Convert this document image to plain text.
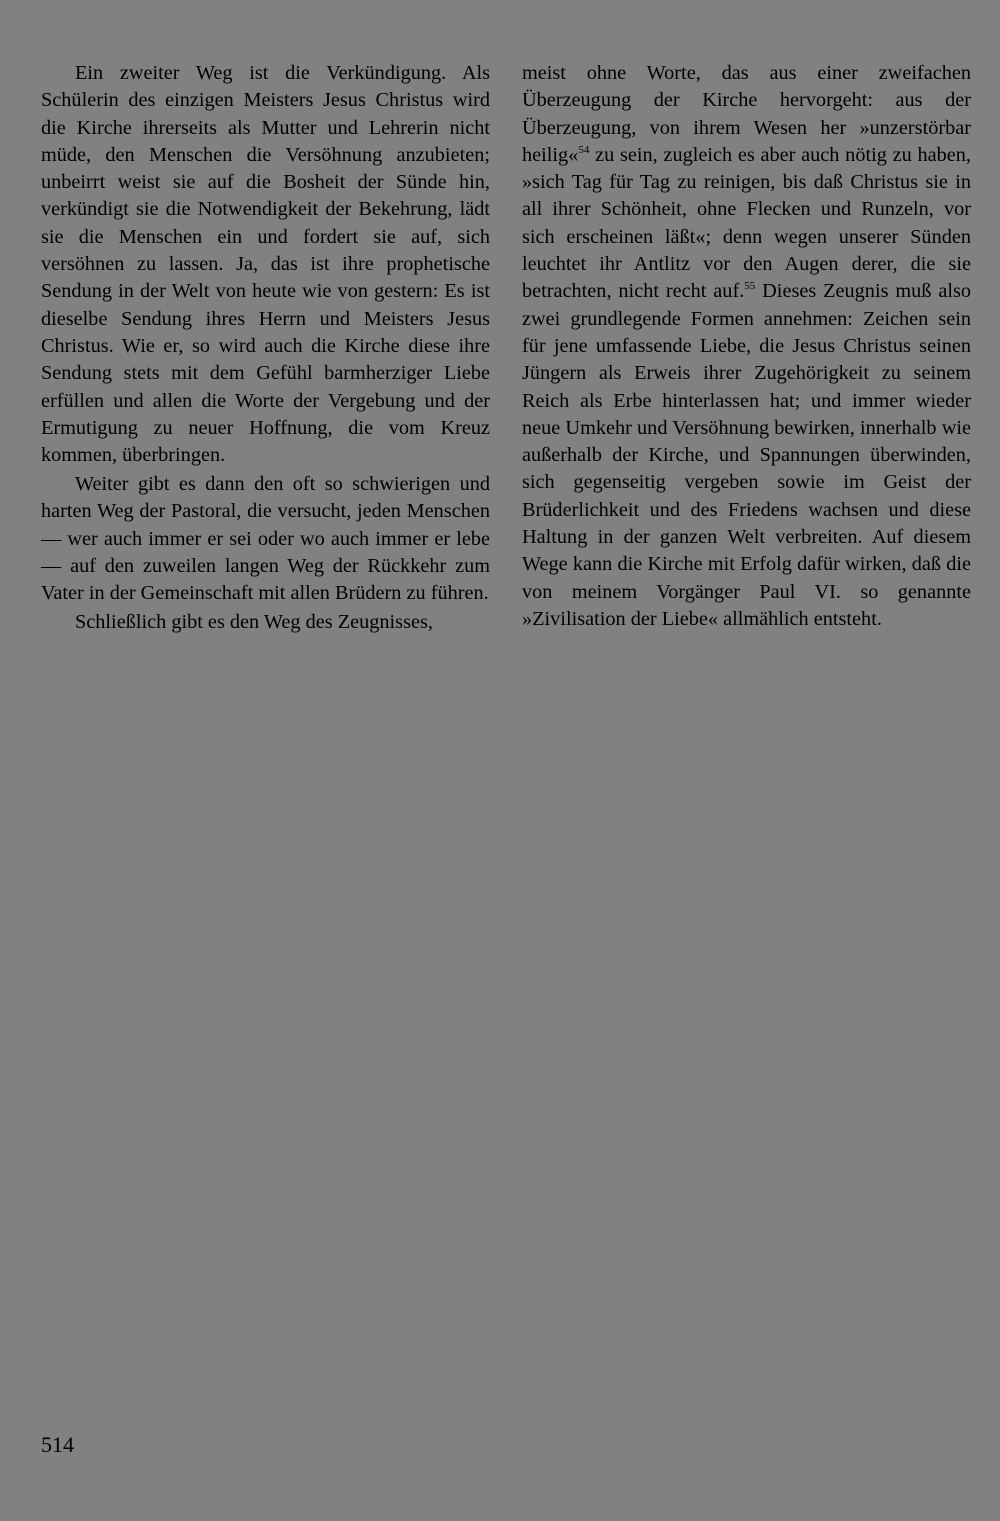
Ein zweiter Weg ist die Verkündigung. Als Schülerin des einzigen Meisters Jesus Christus wird die Kirche ihrerseits als Mutter und Lehrerin nicht müde, den Menschen die Versöhnung anzubieten; unbeirrt weist sie auf die Bosheit der Sünde hin, verkündigt sie die Notwendigkeit der Bekehrung, lädt sie die Menschen ein und fordert sie auf, sich versöhnen zu lassen. Ja, das ist ihre prophetische Sendung in der Welt von heute wie von gestern: Es ist dieselbe Sendung ihres Herrn und Meisters Jesus Christus. Wie er, so wird auch die Kirche diese ihre Sendung stets mit dem Gefühl barmherziger Liebe erfüllen und allen die Worte der Vergebung und der Ermutigung zu neuer Hoffnung, die vom Kreuz kommen, überbringen.

Weiter gibt es dann den oft so schwierigen und harten Weg der Pastoral, die versucht, jeden Menschen — wer auch immer er sei oder wo auch immer er lebe — auf den zuweilen langen Weg der Rückkehr zum Vater in der Gemeinschaft mit allen Brüdern zu führen.

Schließlich gibt es den Weg des Zeugnisses,

meist ohne Worte, das aus einer zweifachen Überzeugung der Kirche hervorgeht: aus der Überzeugung, von ihrem Wesen her »unzerstörbar heilig«$^{54}$ zu sein, zugleich es aber auch nötig zu haben, »sich Tag für Tag zu reinigen, bis daß Christus sie in all ihrer Schönheit, ohne Flecken und Runzeln, vor sich erscheinen läßt«; denn wegen unserer Sünden leuchtet ihr Antlitz vor den Augen derer, die sie betrachten, nicht recht auf.$^{55}$ Dieses Zeugnis muß also zwei grundlegende Formen annehmen: Zeichen sein für jene umfassende Liebe, die Jesus Christus seinen Jüngern als Erweis ihrer Zugehörigkeit zu seinem Reich als Erbe hinterlassen hat; und immer wieder neue Umkehr und Versöhnung bewirken, innerhalb wie außerhalb der Kirche, und Spannungen überwinden, sich gegenseitig vergeben sowie im Geist der Brüderlichkeit und des Friedens wachsen und diese Haltung in der ganzen Welt verbreiten. Auf diesem Wege kann die Kirche mit Erfolg dafür wirken, daß die von meinem Vorgänger Paul VI. so genannte »Zivilisation der Liebe« allmählich entsteht.

514
